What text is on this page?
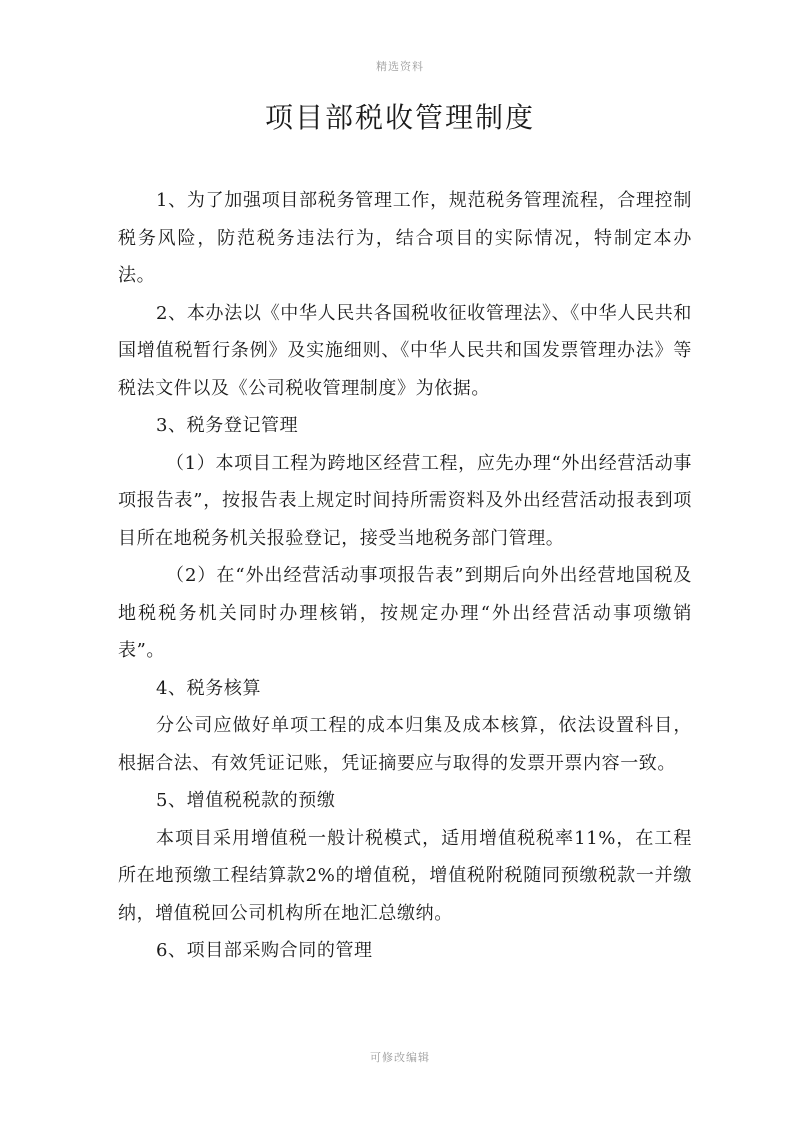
精选资料
项目部税收管理制度

1、为了加强项目部税务管理工作，规范税务管理流程，合理控制税务风险，防范税务违法行为，结合项目的实际情况，特制定本办法。

2、本办法以《中华人民共各国税收征收管理法》、《中华人民共和国增值税暂行条例》及实施细则、《中华人民共和国发票管理办法》等税法文件以及《公司税收管理制度》为依据。

3、税务登记管理

（1）本项目工程为跨地区经营工程，应先办理“外出经营活动事项报告表”，按报告表上规定时间持所需资料及外出经营活动报表到项目所在地税务机关报验登记，接受当地税务部门管理。

（2）在“外出经营活动事项报告表”到期后向外出经营地国税及地税税务机关同时办理核销，按规定办理“外出经营活动事项缴销表”。

4、税务核算

分公司应做好单项工程的成本归集及成本核算，依法设置科目，根据合法、有效凭证记账，凭证摘要应与取得的发票开票内容一致。

5、增值税税款的预缴

本项目采用增值税一般计税模式，适用增值税税率11%，在工程所在地预缴工程结算款2%的增值税，增值税附税随同预缴税款一并缴纳，增值税回公司机构所在地汇总缴纳。

6、项目部采购合同的管理

可修改编辑
